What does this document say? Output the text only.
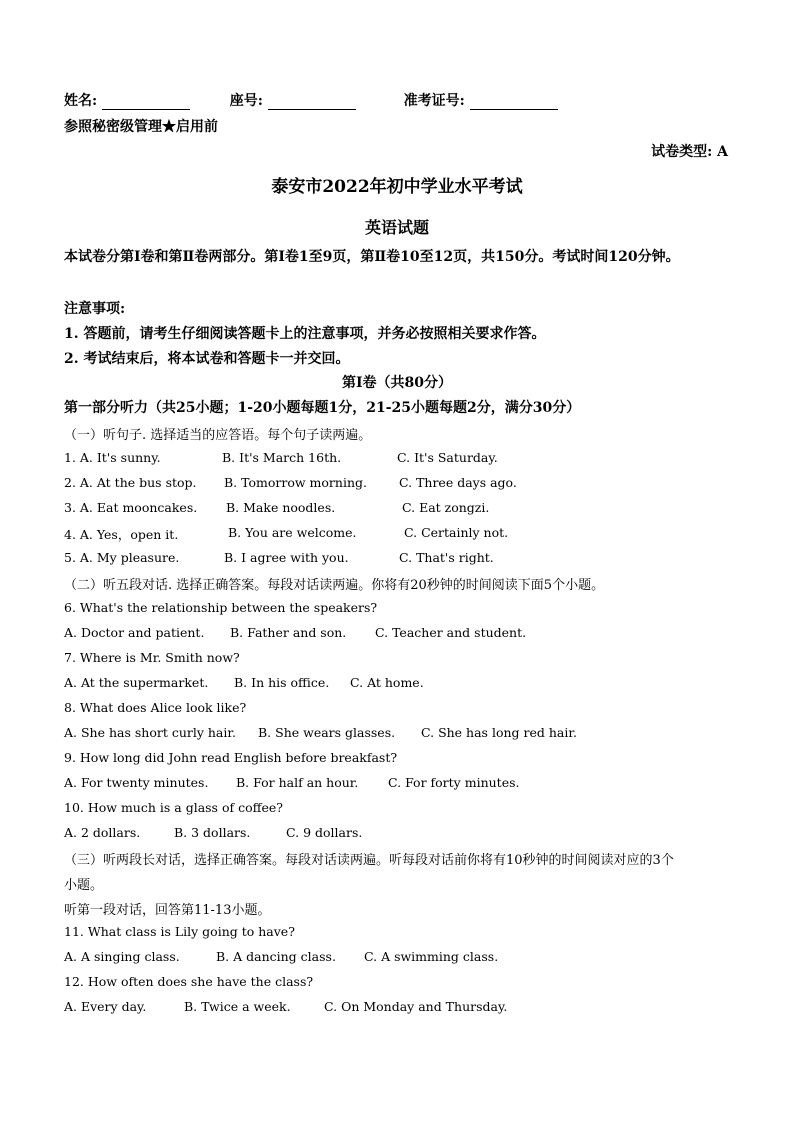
姓名:	座号:	准考证号:
参照秘密级管理★启用前
试卷类型: A
泰安市2022年初中学业水平考试
英语试题
本试卷分第Ⅰ卷和第Ⅱ卷两部分。第Ⅰ卷1至9页，第Ⅱ卷10至12页，共150分。考试时间120分钟。
注意事项:
1. 答题前，请考生仔细阅读答题卡上的注意事项，并务必按照相关要求作答。
2. 考试结束后，将本试卷和答题卡一并交回。
第Ⅰ卷（共80分）
第一部分听力（共25小题；1-20小题每题1分，21-25小题每题2分，满分30分）
（一）听句子. 选择适当的应答语。每个句子读两遍。
1. A. It's sunny.	B. It's March 16th.	C. It's Saturday.
2. A. At the bus stop. B. Tomorrow morning.	C. Three days ago.
3. A. Eat mooncakes. B. Make noodles.	C. Eat zongzi.
4. A. Yes，open it.	B. You are welcome.	C. Certainly not.
5. A. My pleasure.	B. I agree with you.	C. That's right.
（二）听五段对话. 选择正确答案。每段对话读两遍。你将有20秒钟的时间阅读下面5个小题。
6. What's the relationship between the speakers?
A. Doctor and patient. B. Father and son. C. Teacher and student.
7. Where is Mr. Smith now?
A. At the supermarket. B. In his office. C. At home.
8. What does Alice look like?
A. She has short curly hair. B. She wears glasses. C. She has long red hair.
9. How long did John read English before breakfast?
A. For twenty minutes. B. For half an hour. C. For forty minutes.
10. How much is a glass of coffee?
A. 2 dollars.	B. 3 dollars.	C. 9 dollars.
（三）听两段长对话，选择正确答案。每段对话读两遍。听每段对话前你将有10秒钟的时间阅读对应的3个
小题。
听第一段对话，回答第11-13小题。
11. What class is Lily going to have?
A. A singing class.	B. A dancing class. C. A swimming class.
12. How often does she have the class?
A. Every day.	B. Twice a week.	C. On Monday and Thursday.
